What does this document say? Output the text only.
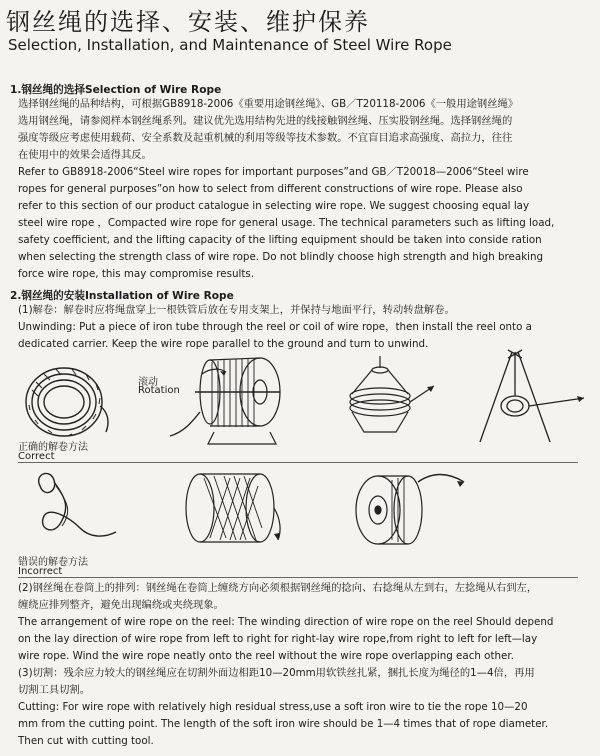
钢丝绳的选择、安装、维护保养
Selection, Installation, and Maintenance of Steel Wire Rope
1.钢丝绳的选择Selection of Wire Rope
选择钢丝绳的品种结构，可根据GB8918-2006《重要用途钢丝绳》、GB／T20118-2006《一般用途钢丝绳》
选用钢丝绳，请参阅样本钢丝绳系列。建议优先选用结构先进的线接触钢丝绳、压实股钢丝绳。选择钢丝绳的
强度等级应考虑使用载荷、安全系数及起重机械的利用等级等技术参数。不宜盲目追求高强度、高拉力，往往
在使用中的效果会适得其反。
Refer to GB8918-2006“Steel wire ropes for important purposes”and GB／T20018—2006“Steel wire
ropes for general purposes”on how to select from different constructions of wire rope. Please also
refer to this section of our product catalogue in selecting wire rope. We suggest choosing equal lay
steel wire rope ，Compacted wire rope for general usage. The technical parameters such as lifting load,
safety coefficient, and the lifting capacity of the lifting equipment should be taken into conside ration
when selecting the strength class of wire rope. Do not blindly choose high strength and high breaking
force wire rope, this may compromise results.
2.钢丝绳的安装Installation of Wire Rope
(1)解卷：解卷时应将绳盘穿上一根铁管后放在专用支架上，并保持与地面平行，转动转盘解卷。
Unwinding: Put a piece of iron tube through the reel or coil of wire rope，then install the reel onto a
dedicated carrier. Keep the wire rope parallel to the ground and turn to unwind.
滚动
Rotation
正确的解卷方法
Correct
错误的解卷方法
Incorrect
(2)钢丝绳在卷筒上的排列：钢丝绳在卷筒上缠绕方向必须根据钢丝绳的捻向、右捻绳从左到右，左捻绳从右到左，
缠绕应排列整齐，避免出现编绕或夹绕现象。
The arrangement of wire rope on the reel: The winding direction of wire rope on the reel Should depend
on the lay direction of wire rope from left to right for right-lay wire rope,from right to left for left—lay
wire rope. Wind the wire rope neatly onto the reel without the wire rope overlapping each other.
(3)切割：残余应力较大的钢丝绳应在切割外面边相距10—20mm用软铁丝扎紧，捆扎长度为绳径的1—4倍，再用
切割工具切割。
Cutting: For wire rope with relatively high residual stress,use a soft iron wire to tie the rope 10—20
mm from the cutting point. The length of the soft iron wire should be 1—4 times that of rope diameter.
Then cut with cutting tool.
